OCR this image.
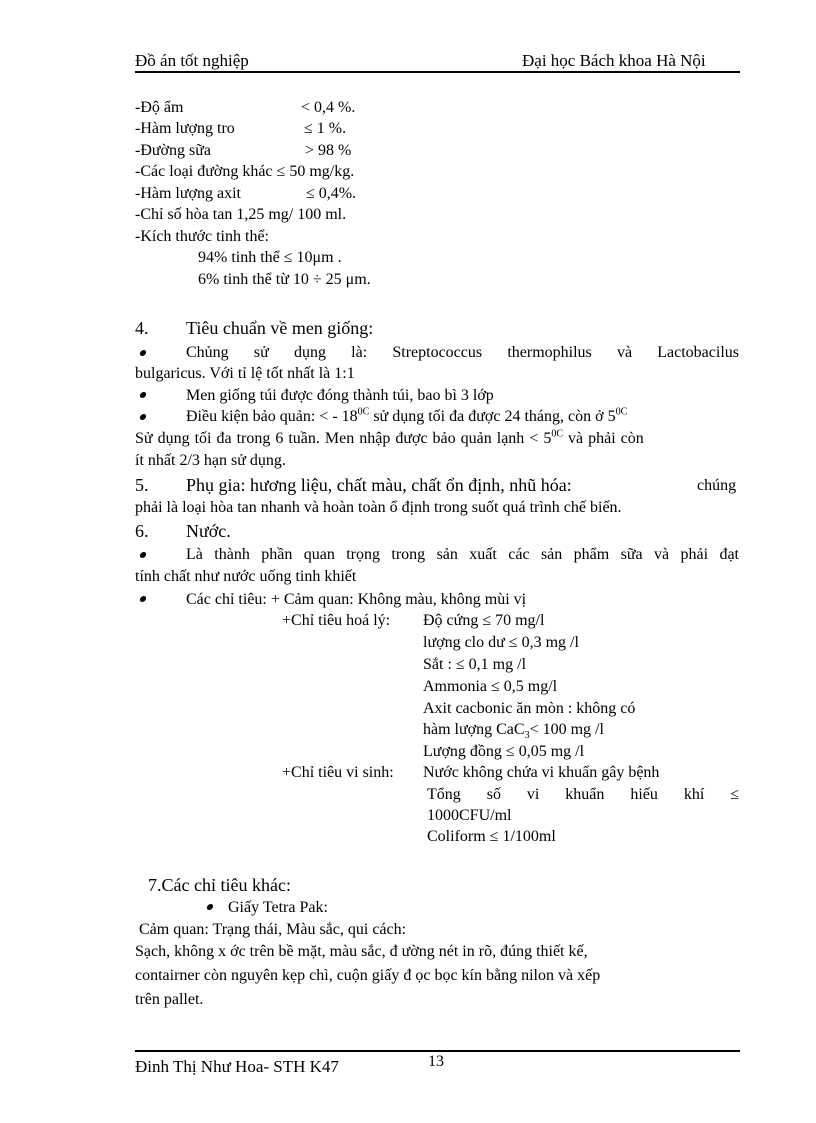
Đồ án tốt nghiệp	Đại học Bách khoa Hà Nội
-Độ ẩm	< 0,4 %.
-Hàm lượng tro	≤ 1 %.
-Đường sữa	> 98 %
-Các loại đường khác ≤ 50 mg/kg.
-Hàm lượng axit	≤ 0,4%.
-Chỉ số hòa tan 1,25 mg/ 100 ml.
-Kích thước tinh thể:
94% tinh thể ≤ 10μm .
6% tinh thể từ 10 ÷ 25 μm.
4. Tiêu chuẩn về men giống:
Chủng sử dụng là: Streptococcus thermophilus và Lactobacilus
bulgaricus. Với tỉ lệ tốt nhất là 1:1
Men giống túi được đóng thành túi, bao bì 3 lớp
Điều kiện bảo quản: < - $18^{0C}$ sử dụng tối đa được 24 tháng, còn ở $5^{0C}$
Sử dụng tối đa trong 6 tuần. Men nhập được bảo quản lạnh < $5^{0C}$ và phải còn
ít nhất 2/3 hạn sử dụng.
5. Phụ gia: hương liệu, chất màu, chất ổn định, nhũ hóa:	chúng
phải là loại hòa tan nhanh và hoàn toàn ổ định trong suốt quá trình chế biến.
6. Nước.
Là thành phần quan trọng trong sản xuất các sản phẩm sữa và phải đạt
tính chất như nước uống tinh khiết
Các chỉ tiêu: + Cảm quan: Không màu, không mùi vị
+Chỉ tiêu hoá lý: Độ cứng ≤ 70 mg/l
lượng clo dư ≤ 0,3 mg /l
Sắt : ≤ 0,1 mg /l
Ammonia ≤ 0,5 mg/l
Axit cacbonic ăn mòn : không có
hàm lượng CaC$_3$< 100 mg /l
Lượng đồng ≤ 0,05 mg /l
+Chỉ tiêu vi sinh: Nước không chứa vi khuẩn gây bệnh
Tổng số vi khuẩn hiếu khí ≤
1000CFU/ml
Coliform ≤ 1/100ml
7.Các chỉ tiêu khác:
Giấy Tetra Pak:
Cảm quan: Trạng thái, Màu sắc, qui cách:
Sạch, không x ớc trên bề mặt, màu sắc, đ ường nét in rõ, đúng thiết kế,
contairner còn nguyên kẹp chì, cuộn giấy đ ọc bọc kín bằng nilon và xếp
trên pallet.
Đinh Thị Như Hoa- STH K47	13
